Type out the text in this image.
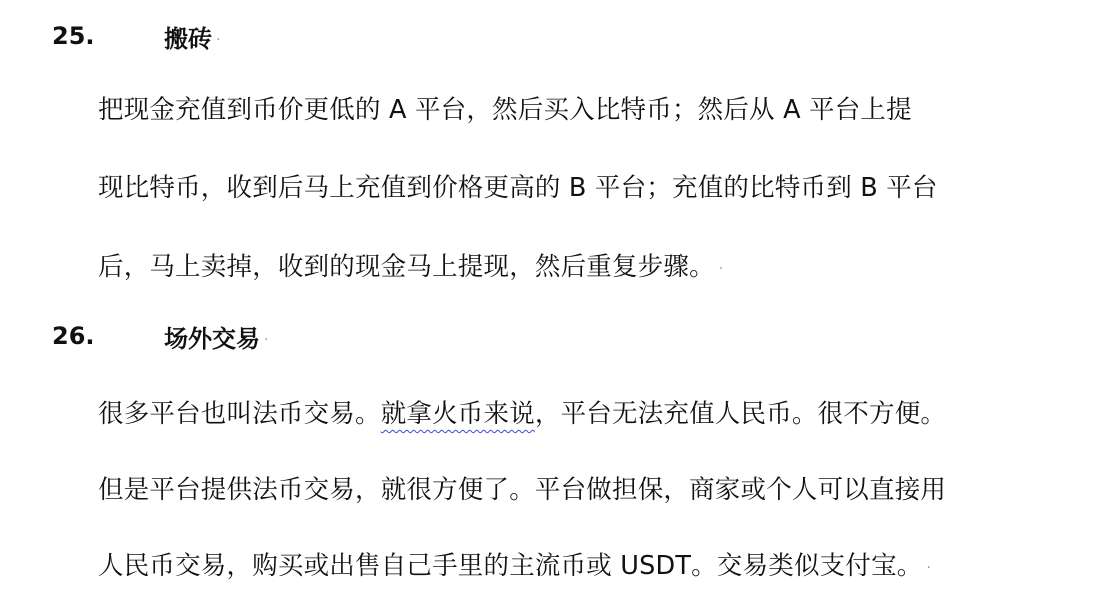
25.	搬砖 ·
把现金充值到币价更低的 A 平台，然后买入比特币；然后从 A 平台上提
现比特币，收到后马上充值到价格更高的 B 平台；充值的比特币到 B 平台
后，马上卖掉，收到的现金马上提现，然后重复步骤。 ·
26.	场外交易 ·
很多平台也叫法币交易。 就拿火币来说 ，平台无法充值人民币。很不方便。
但是平台提供法币交易，就很方便了。平台做担保，商家或个人可以直接用
人民币交易，购买或出售自己手里的主流币或 USDT。交易类似支付宝。 ·
